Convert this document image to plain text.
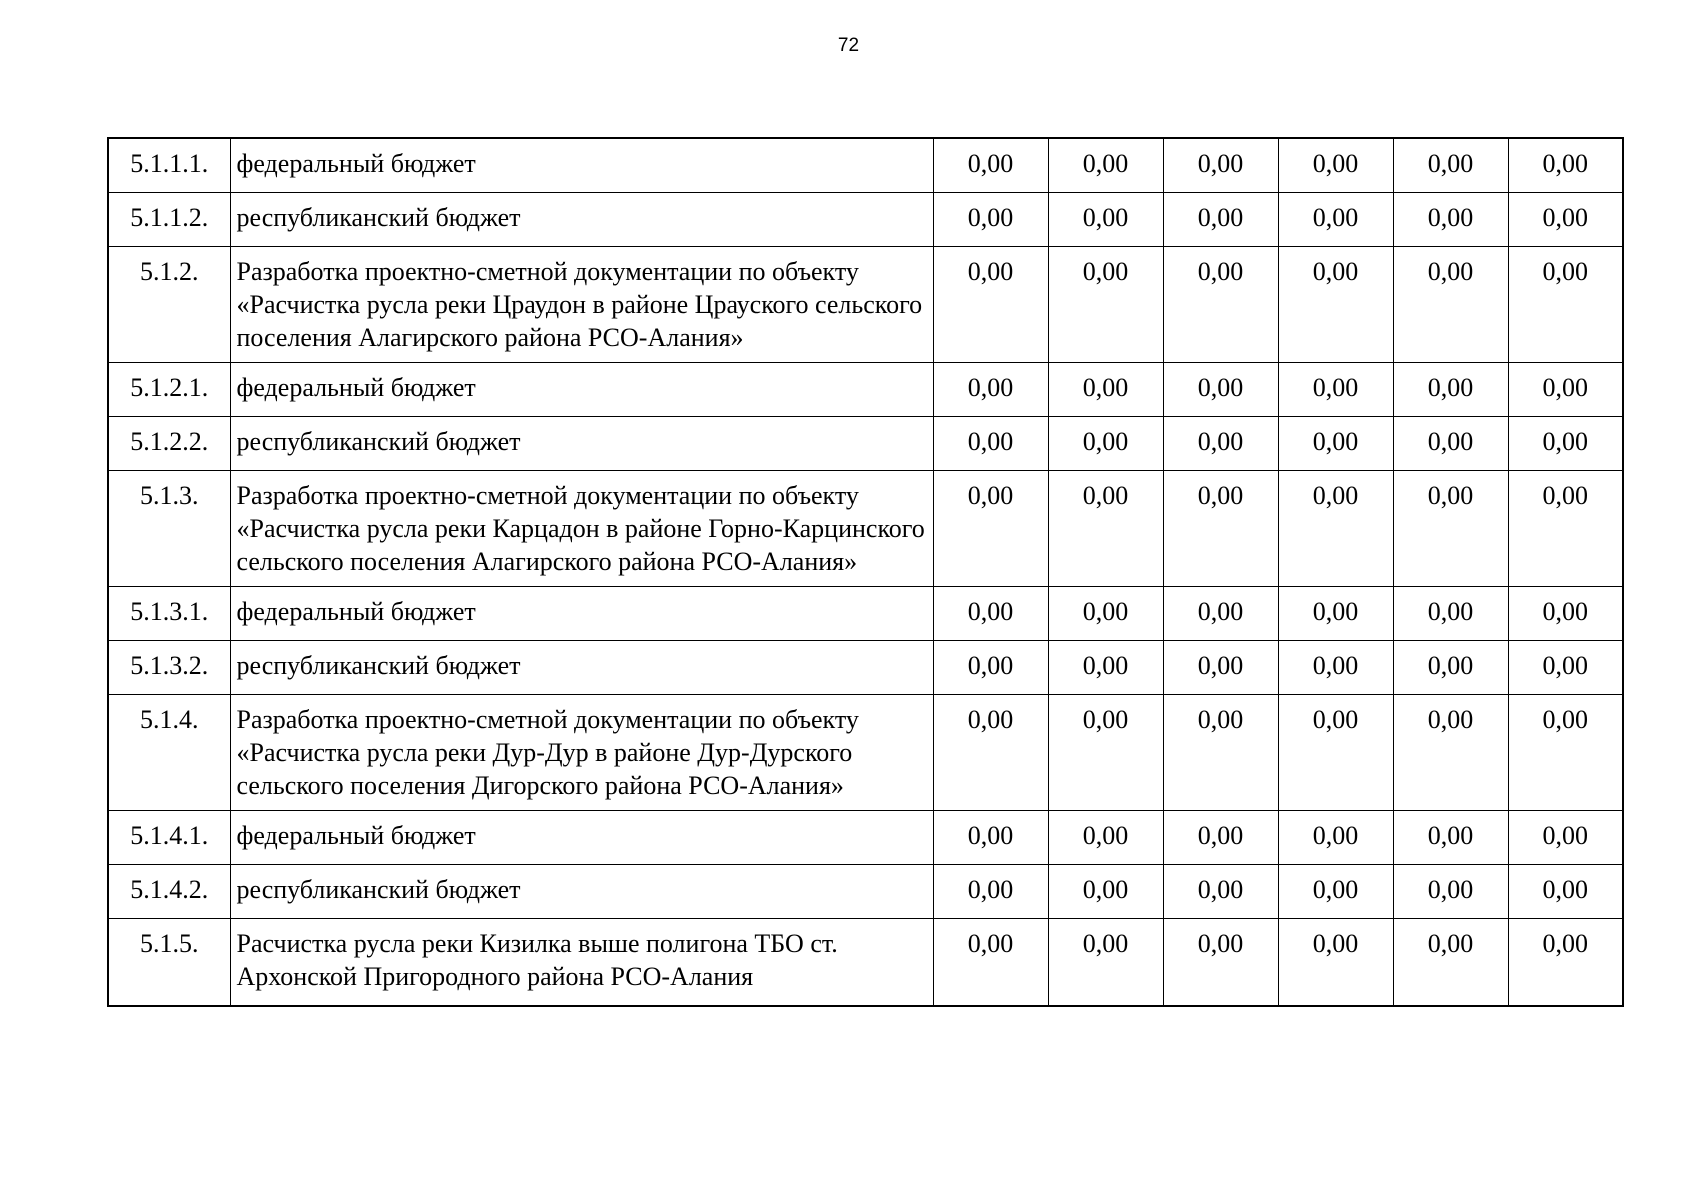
72
5.1.1.1.	федеральный бюджет	0,00	0,00	0,00	0,00	0,00	0,00
5.1.1.2.	республиканский бюджет	0,00	0,00	0,00	0,00	0,00	0,00
5.1.2.	Разработка проектно-сметной документации по объекту «Расчистка русла реки Цраудон в районе Црауского сельского поселения Алагирского района РСО-Алания»	0,00	0,00	0,00	0,00	0,00	0,00
5.1.2.1.	федеральный бюджет	0,00	0,00	0,00	0,00	0,00	0,00
5.1.2.2.	республиканский бюджет	0,00	0,00	0,00	0,00	0,00	0,00
5.1.3.	Разработка проектно-сметной документации по объекту «Расчистка русла реки Карцадон в районе Горно-Карцинского сельского поселения Алагирского района РСО-Алания»	0,00	0,00	0,00	0,00	0,00	0,00
5.1.3.1.	федеральный бюджет	0,00	0,00	0,00	0,00	0,00	0,00
5.1.3.2.	республиканский бюджет	0,00	0,00	0,00	0,00	0,00	0,00
5.1.4.	Разработка проектно-сметной документации по объекту «Расчистка русла реки Дур-Дур в районе Дур-Дурского сельского поселения Дигорского района РСО-Алания»	0,00	0,00	0,00	0,00	0,00	0,00
5.1.4.1.	федеральный бюджет	0,00	0,00	0,00	0,00	0,00	0,00
5.1.4.2.	республиканский бюджет	0,00	0,00	0,00	0,00	0,00	0,00
5.1.5.	Расчистка русла реки Кизилка выше полигона ТБО ст. Архонской Пригородного района РСО-Алания	0,00	0,00	0,00	0,00	0,00	0,00
